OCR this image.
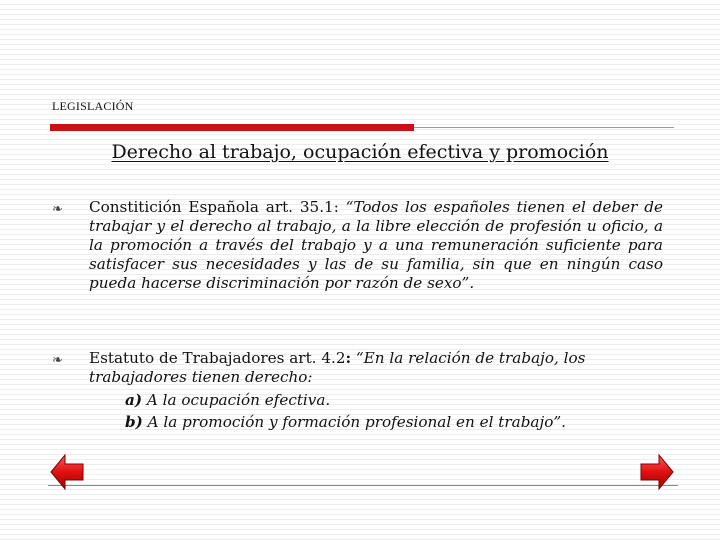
LEGISLACIÓN
Derecho al trabajo, ocupación efectiva y promoción
❧ Constitición Española art. 35.1: “Todos los españoles tienen el deber de trabajar y el derecho al trabajo, a la libre elección de profesión u oficio, a la promoción a través del trabajo y a una remuneración suficiente para satisfacer sus necesidades y las de su familia, sin que en ningún caso pueda hacerse discriminación por razón de sexo”.
❧ Estatuto de Trabajadores art. 4.2: “En la relación de trabajo, los trabajadores tienen derecho:
a) A la ocupación efectiva.
b) A la promoción y formación profesional en el trabajo”.
